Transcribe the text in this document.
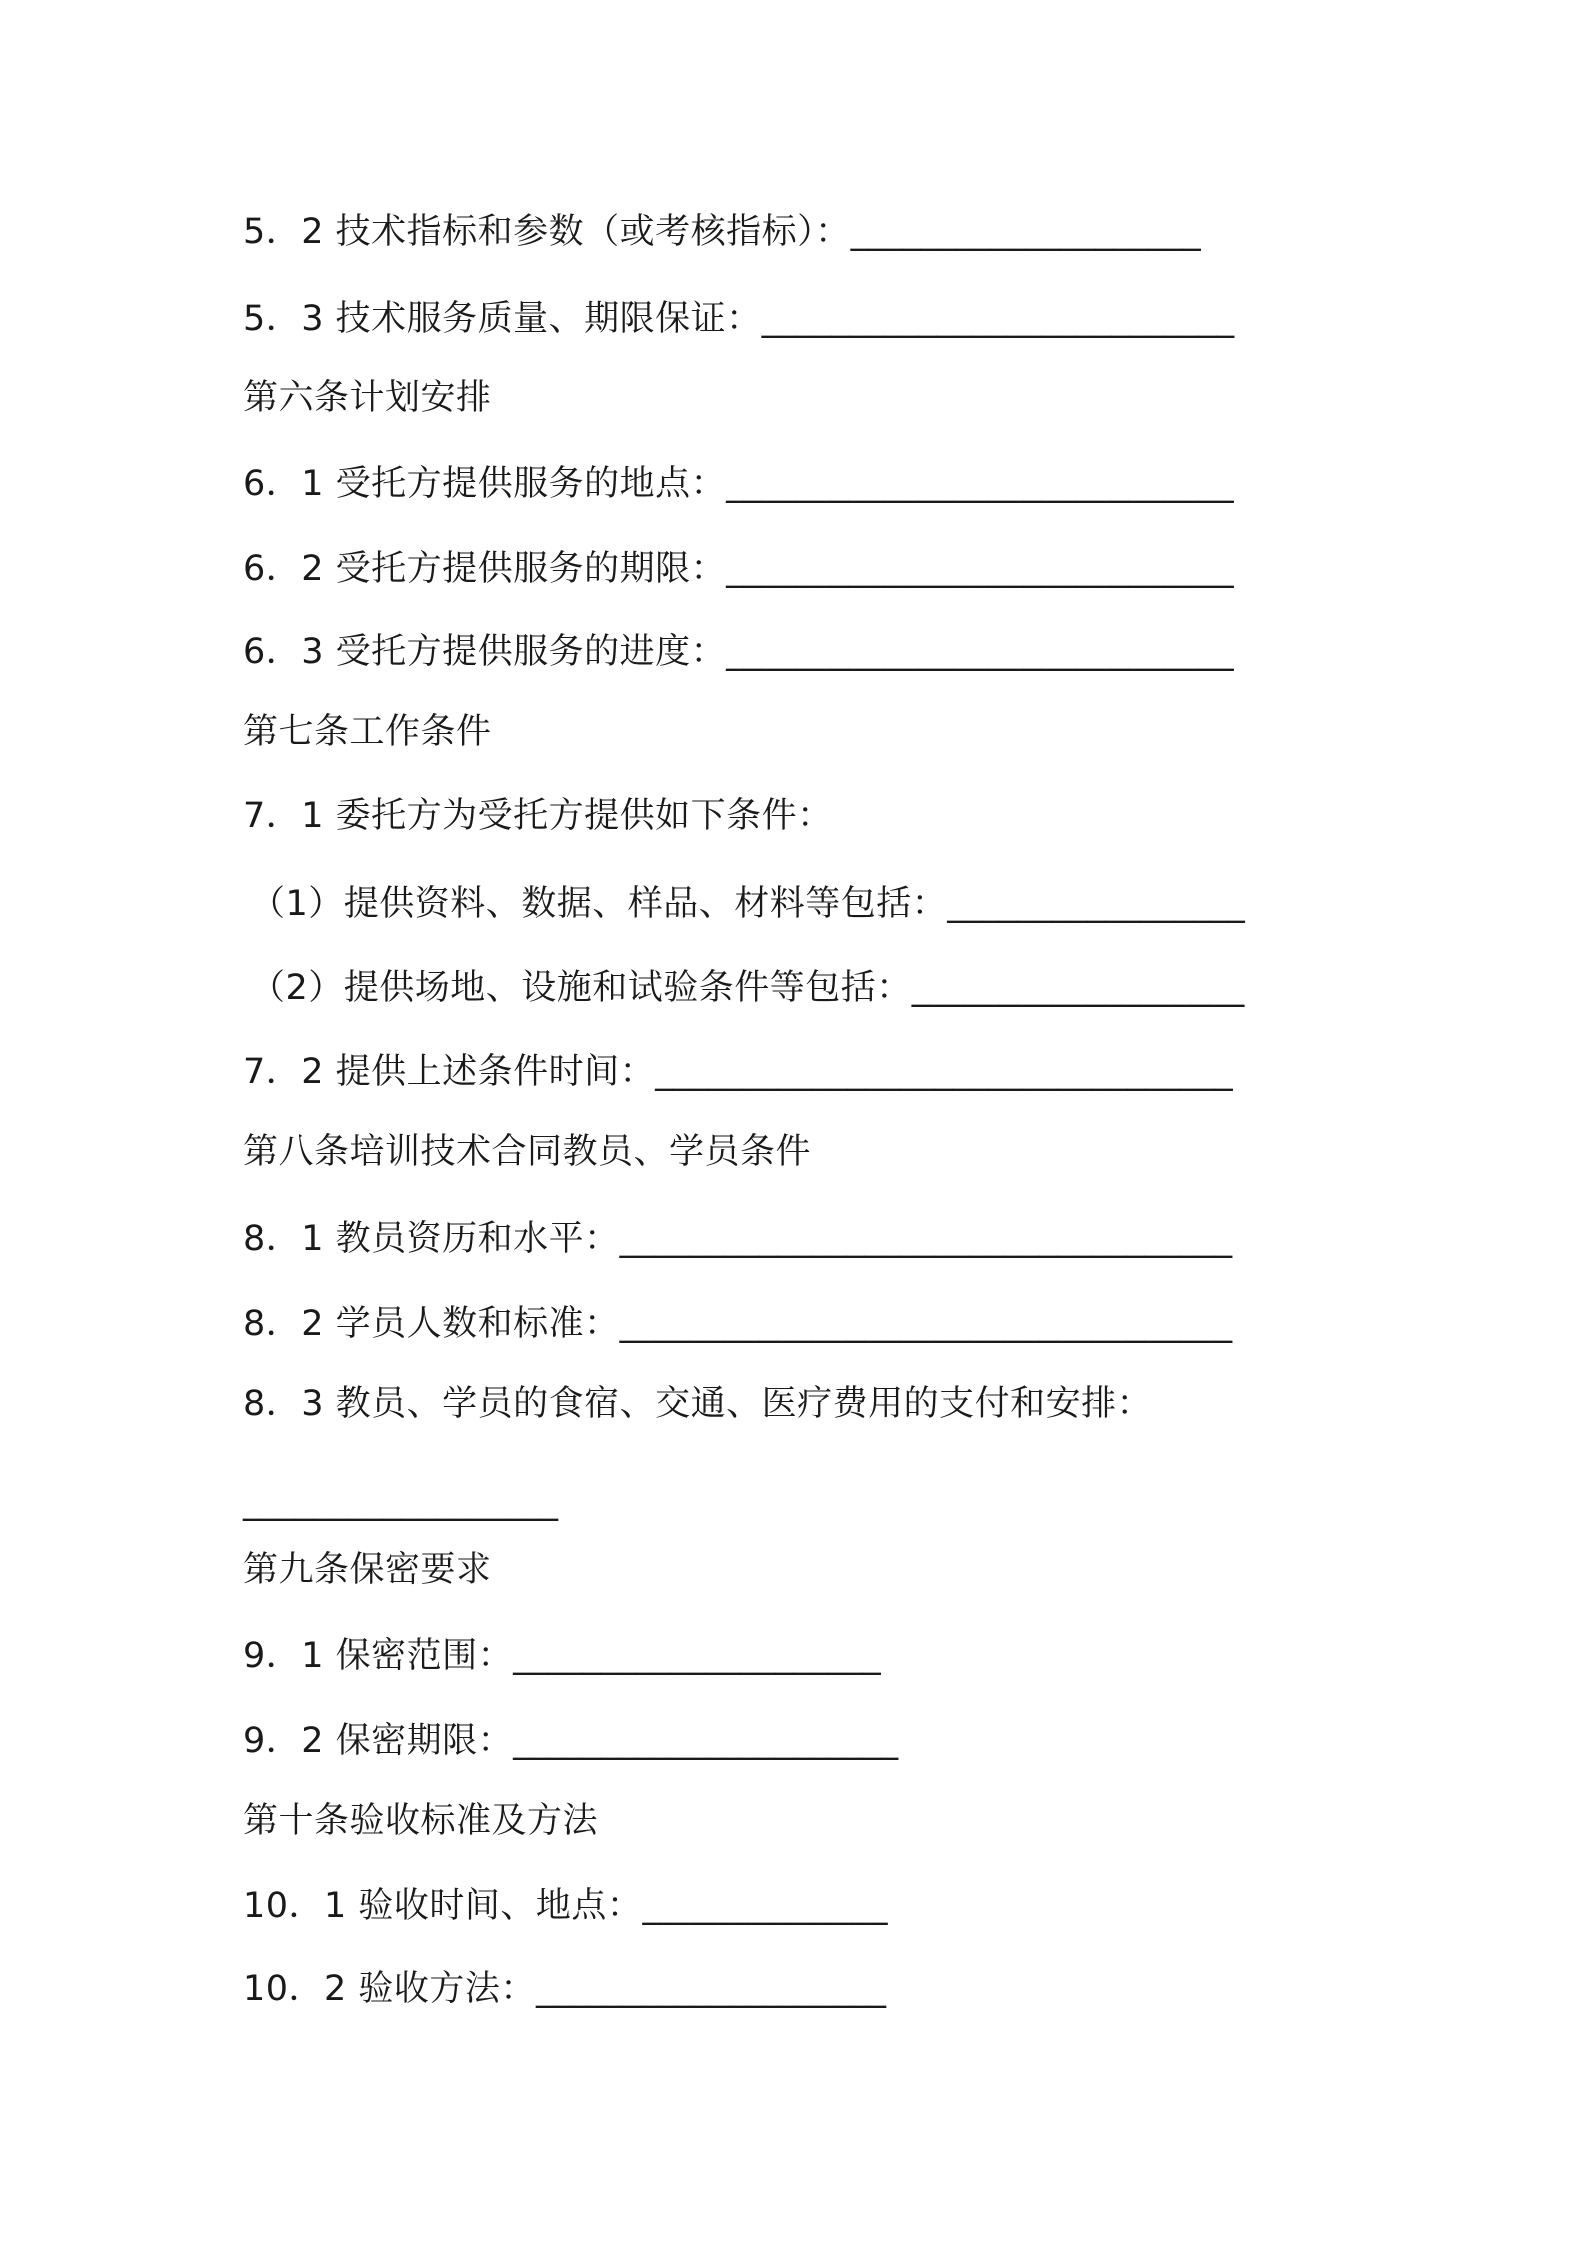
5．2 技术指标和参数（或考核指标）：____________________
5．3 技术服务质量、期限保证：___________________________
第六条计划安排
6．1 受托方提供服务的地点：_____________________________
6．2 受托方提供服务的期限：_____________________________
6．3 受托方提供服务的进度：_____________________________
第七条工作条件
7．1 委托方为受托方提供如下条件：
（1）提供资料、数据、样品、材料等包括：_________________
（2）提供场地、设施和试验条件等包括：___________________
7．2 提供上述条件时间：_________________________________
第八条培训技术合同教员、学员条件
8．1 教员资历和水平：___________________________________
8．2 学员人数和标准：___________________________________
8．3 教员、学员的食宿、交通、医疗费用的支付和安排：
__________________
第九条保密要求
9．1 保密范围：_____________________
9．2 保密期限：______________________
第十条验收标准及方法
10．1 验收时间、地点：______________
10．2 验收方法：____________________
